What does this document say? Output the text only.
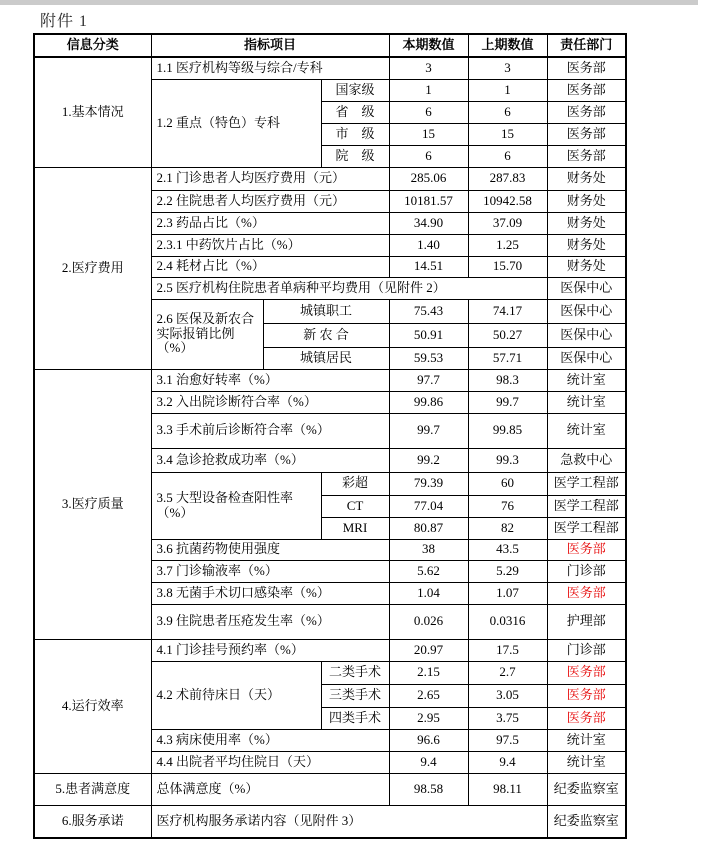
附件 1
信息分类	指标项目			本期数值	上期数值	责任部门
1.基本情况	1.1 医疗机构等级与综合/专科			3	3	医务部
	1.2 重点（特色）专科		国家级	1	1	医务部
			省　级	6	6	医务部
			市　级	15	15	医务部
			院　级	6	6	医务部
2.医疗费用	2.1 门诊患者人均医疗费用（元）			285.06	287.83	财务处
	2.2 住院患者人均医疗费用（元）			10181.57	10942.58	财务处
	2.3 药品占比（%）			34.90	37.09	财务处
	2.3.1 中药饮片占比（%）			1.40	1.25	财务处
	2.4 耗材占比（%）			14.51	15.70	财务处
	2.5 医疗机构住院患者单病种平均费用（见附件 2）					医保中心
	2.6 医保及新农合实际报销比例（%）	城镇职工		75.43	74.17	医保中心
		新 农 合		50.91	50.27	医保中心
		城镇居民		59.53	57.71	医保中心
3.医疗质量	3.1 治愈好转率（%）			97.7	98.3	统计室
	3.2 入出院诊断符合率（%）			99.86	99.7	统计室
	3.3 手术前后诊断符合率（%）			99.7	99.85	统计室
	3.4 急诊抢救成功率（%）			99.2	99.3	急救中心
	3.5 大型设备检查阳性率（%）		彩超	79.39	60	医学工程部
			CT	77.04	76	医学工程部
			MRI	80.87	82	医学工程部
	3.6 抗菌药物使用强度			38	43.5	医务部
	3.7 门诊输液率（%）			5.62	5.29	门诊部
	3.8 无菌手术切口感染率（%）			1.04	1.07	医务部
	3.9 住院患者压疮发生率（%）			0.026	0.0316	护理部
4.运行效率	4.1 门诊挂号预约率（%）			20.97	17.5	门诊部
	4.2 术前待床日（天）		二类手术	2.15	2.7	医务部
			三类手术	2.65	3.05	医务部
			四类手术	2.95	3.75	医务部
	4.3 病床使用率（%）			96.6	97.5	统计室
	4.4 出院者平均住院日（天）			9.4	9.4	统计室
5.患者满意度	总体满意度（%）			98.58	98.11	纪委监察室
6.服务承诺	医疗机构服务承诺内容（见附件 3）					纪委监察室
